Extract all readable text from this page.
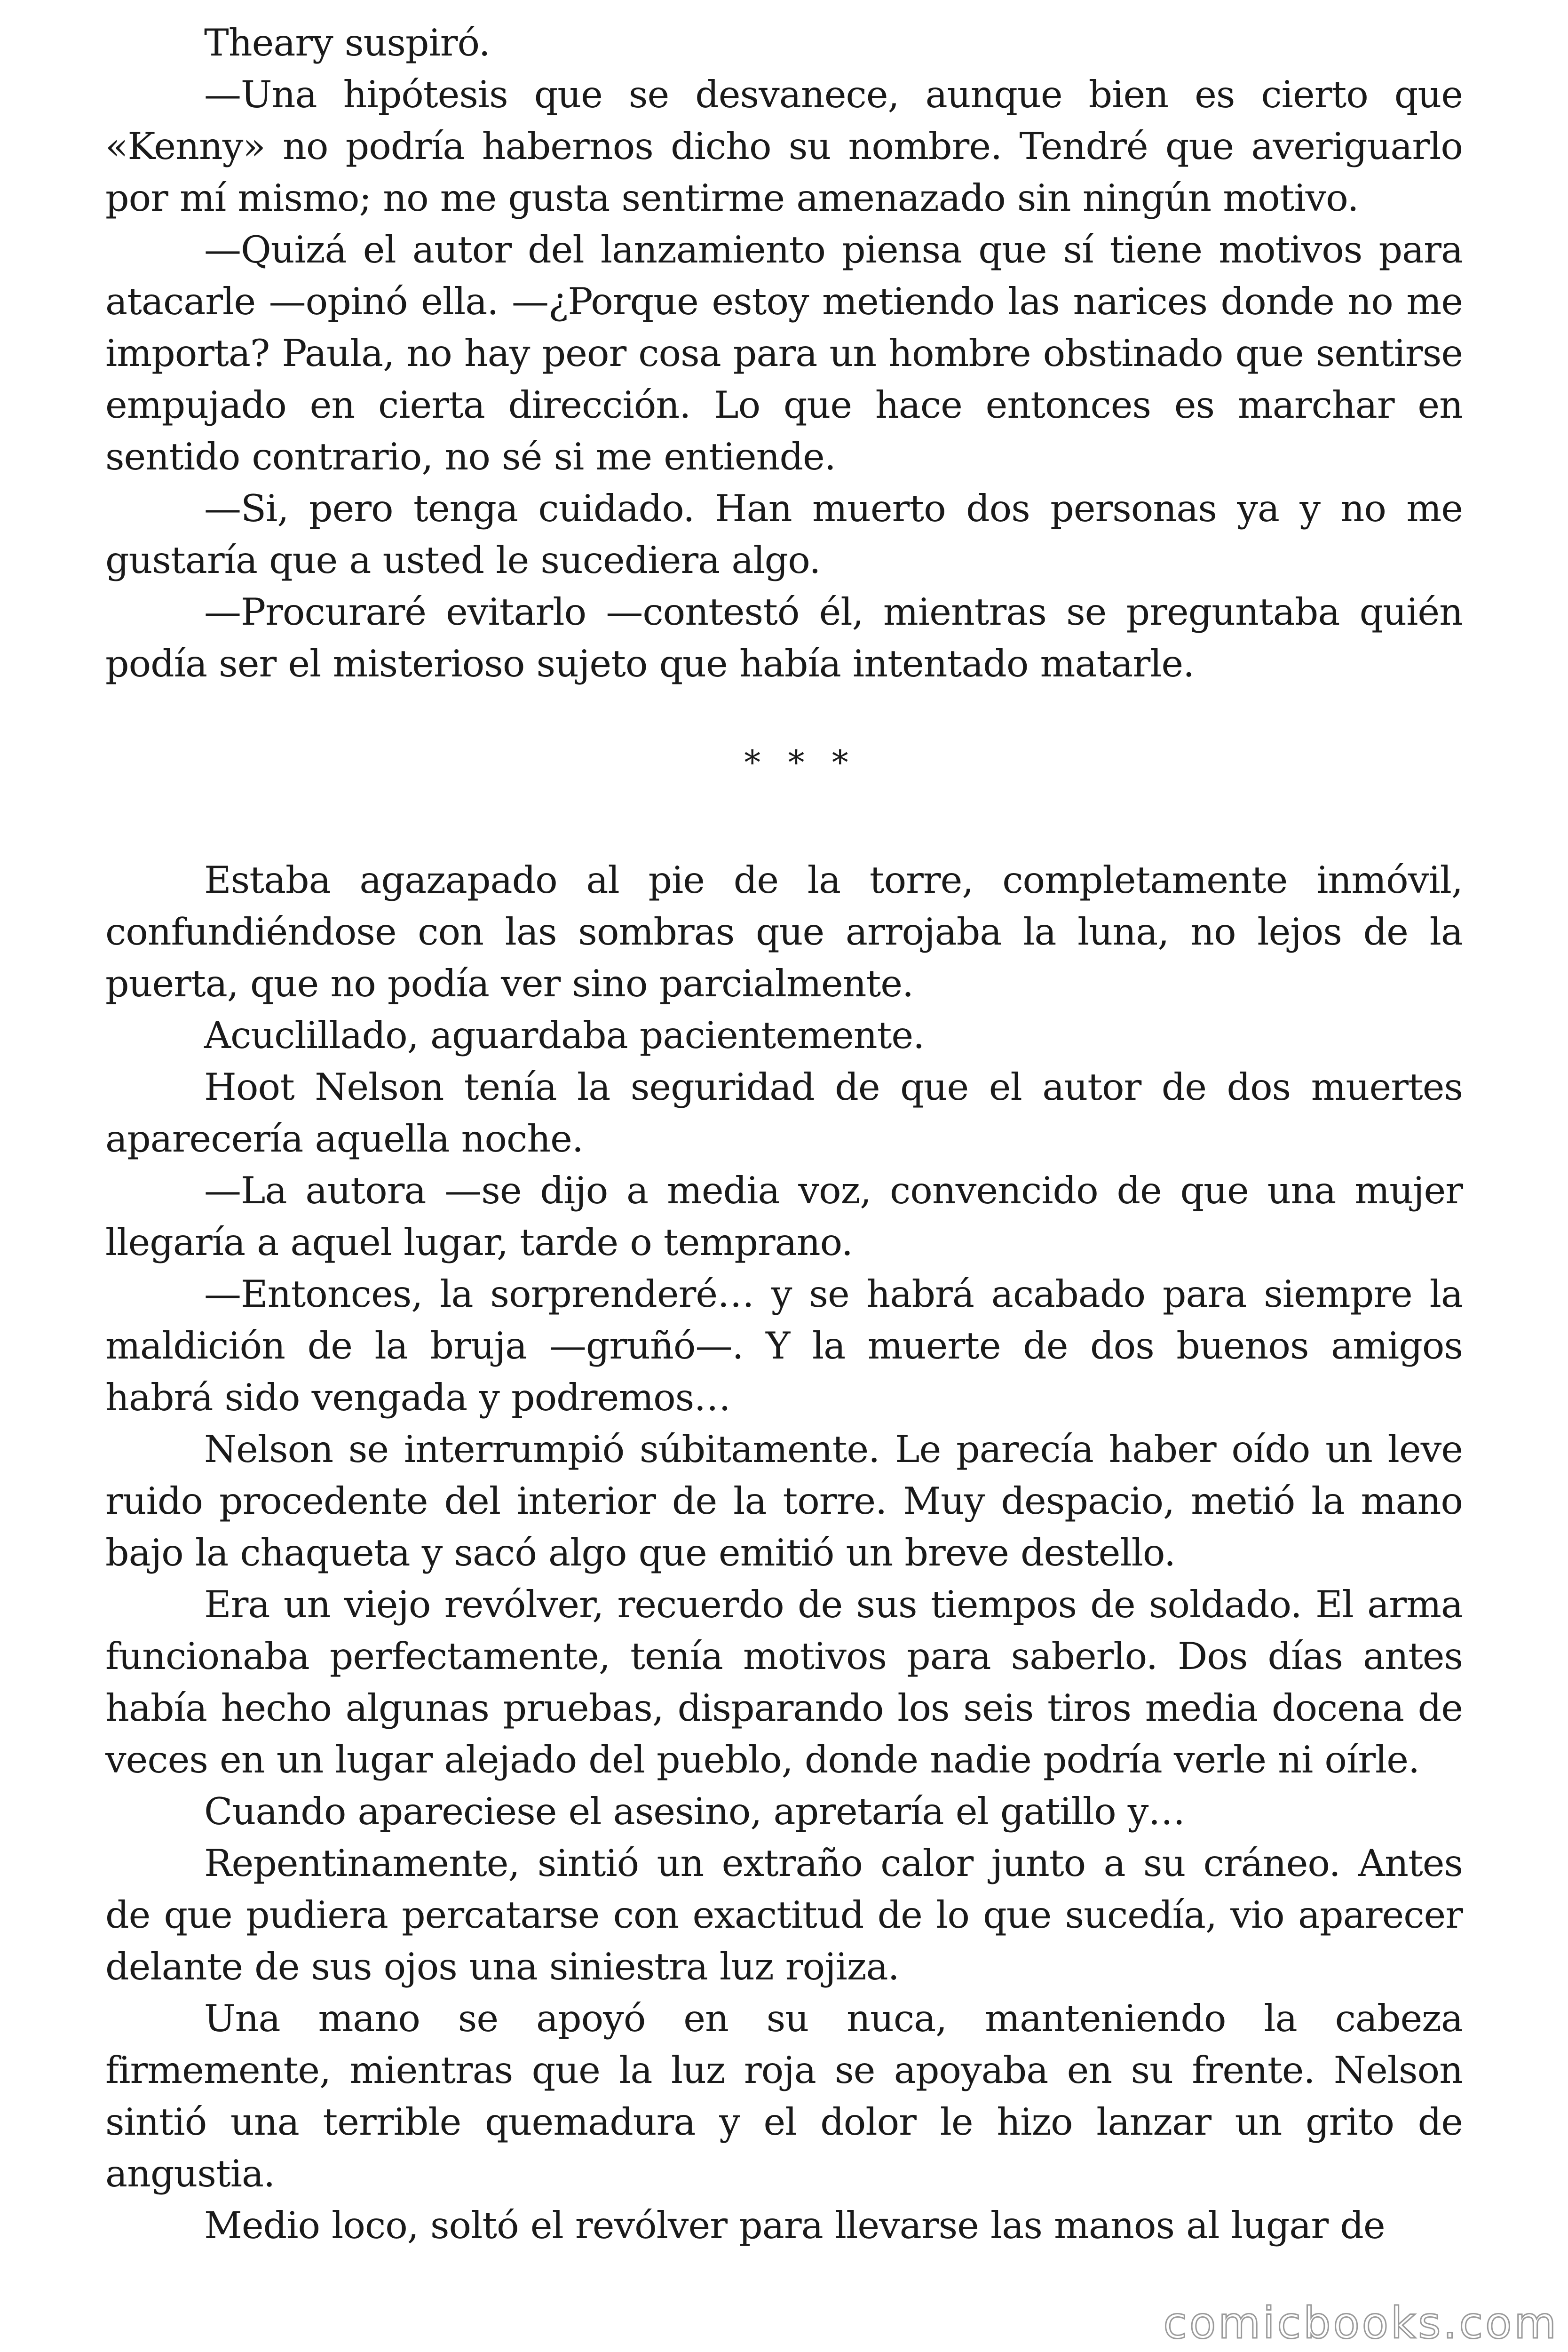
Theary suspiró.

—Una hipótesis que se desvanece, aunque bien es cierto que «Kenny» no podría habernos dicho su nombre. Tendré que averiguarlo por mí mismo; no me gusta sentirme amenazado sin ningún motivo.

—Quizá el autor del lanzamiento piensa que sí tiene motivos para atacarle —opinó ella. —¿Porque estoy metiendo las narices donde no me importa? Paula, no hay peor cosa para un hombre obstinado que sentirse empujado en cierta dirección. Lo que hace entonces es marchar en sentido contrario, no sé si me entiende.

—Si, pero tenga cuidado. Han muerto dos personas ya y no me gustaría que a usted le sucediera algo.

—Procuraré evitarlo —contestó él, mientras se preguntaba quién podía ser el misterioso sujeto que había intentado matarle.

* * *

Estaba agazapado al pie de la torre, completamente inmóvil, confundiéndose con las sombras que arrojaba la luna, no lejos de la puerta, que no podía ver sino parcialmente.

Acuclillado, aguardaba pacientemente.

Hoot Nelson tenía la seguridad de que el autor de dos muertes aparecería aquella noche.

—La autora —se dijo a media voz, convencido de que una mujer llegaría a aquel lugar, tarde o temprano.

—Entonces, la sorprenderé… y se habrá acabado para siempre la maldición de la bruja —gruñó—. Y la muerte de dos buenos amigos habrá sido vengada y podremos…

Nelson se interrumpió súbitamente. Le parecía haber oído un leve ruido procedente del interior de la torre. Muy despacio, metió la mano bajo la chaqueta y sacó algo que emitió un breve destello.

Era un viejo revólver, recuerdo de sus tiempos de soldado. El arma funcionaba perfectamente, tenía motivos para saberlo. Dos días antes había hecho algunas pruebas, disparando los seis tiros media docena de veces en un lugar alejado del pueblo, donde nadie podría verle ni oírle.

Cuando apareciese el asesino, apretaría el gatillo y…

Repentinamente, sintió un extraño calor junto a su cráneo. Antes de que pudiera percatarse con exactitud de lo que sucedía, vio aparecer delante de sus ojos una siniestra luz rojiza.

Una mano se apoyó en su nuca, manteniendo la cabeza firmemente, mientras que la luz roja se apoyaba en su frente. Nelson sintió una terrible quemadura y el dolor le hizo lanzar un grito de angustia.

Medio loco, soltó el revólver para llevarse las manos al lugar de

comicbooks.com
